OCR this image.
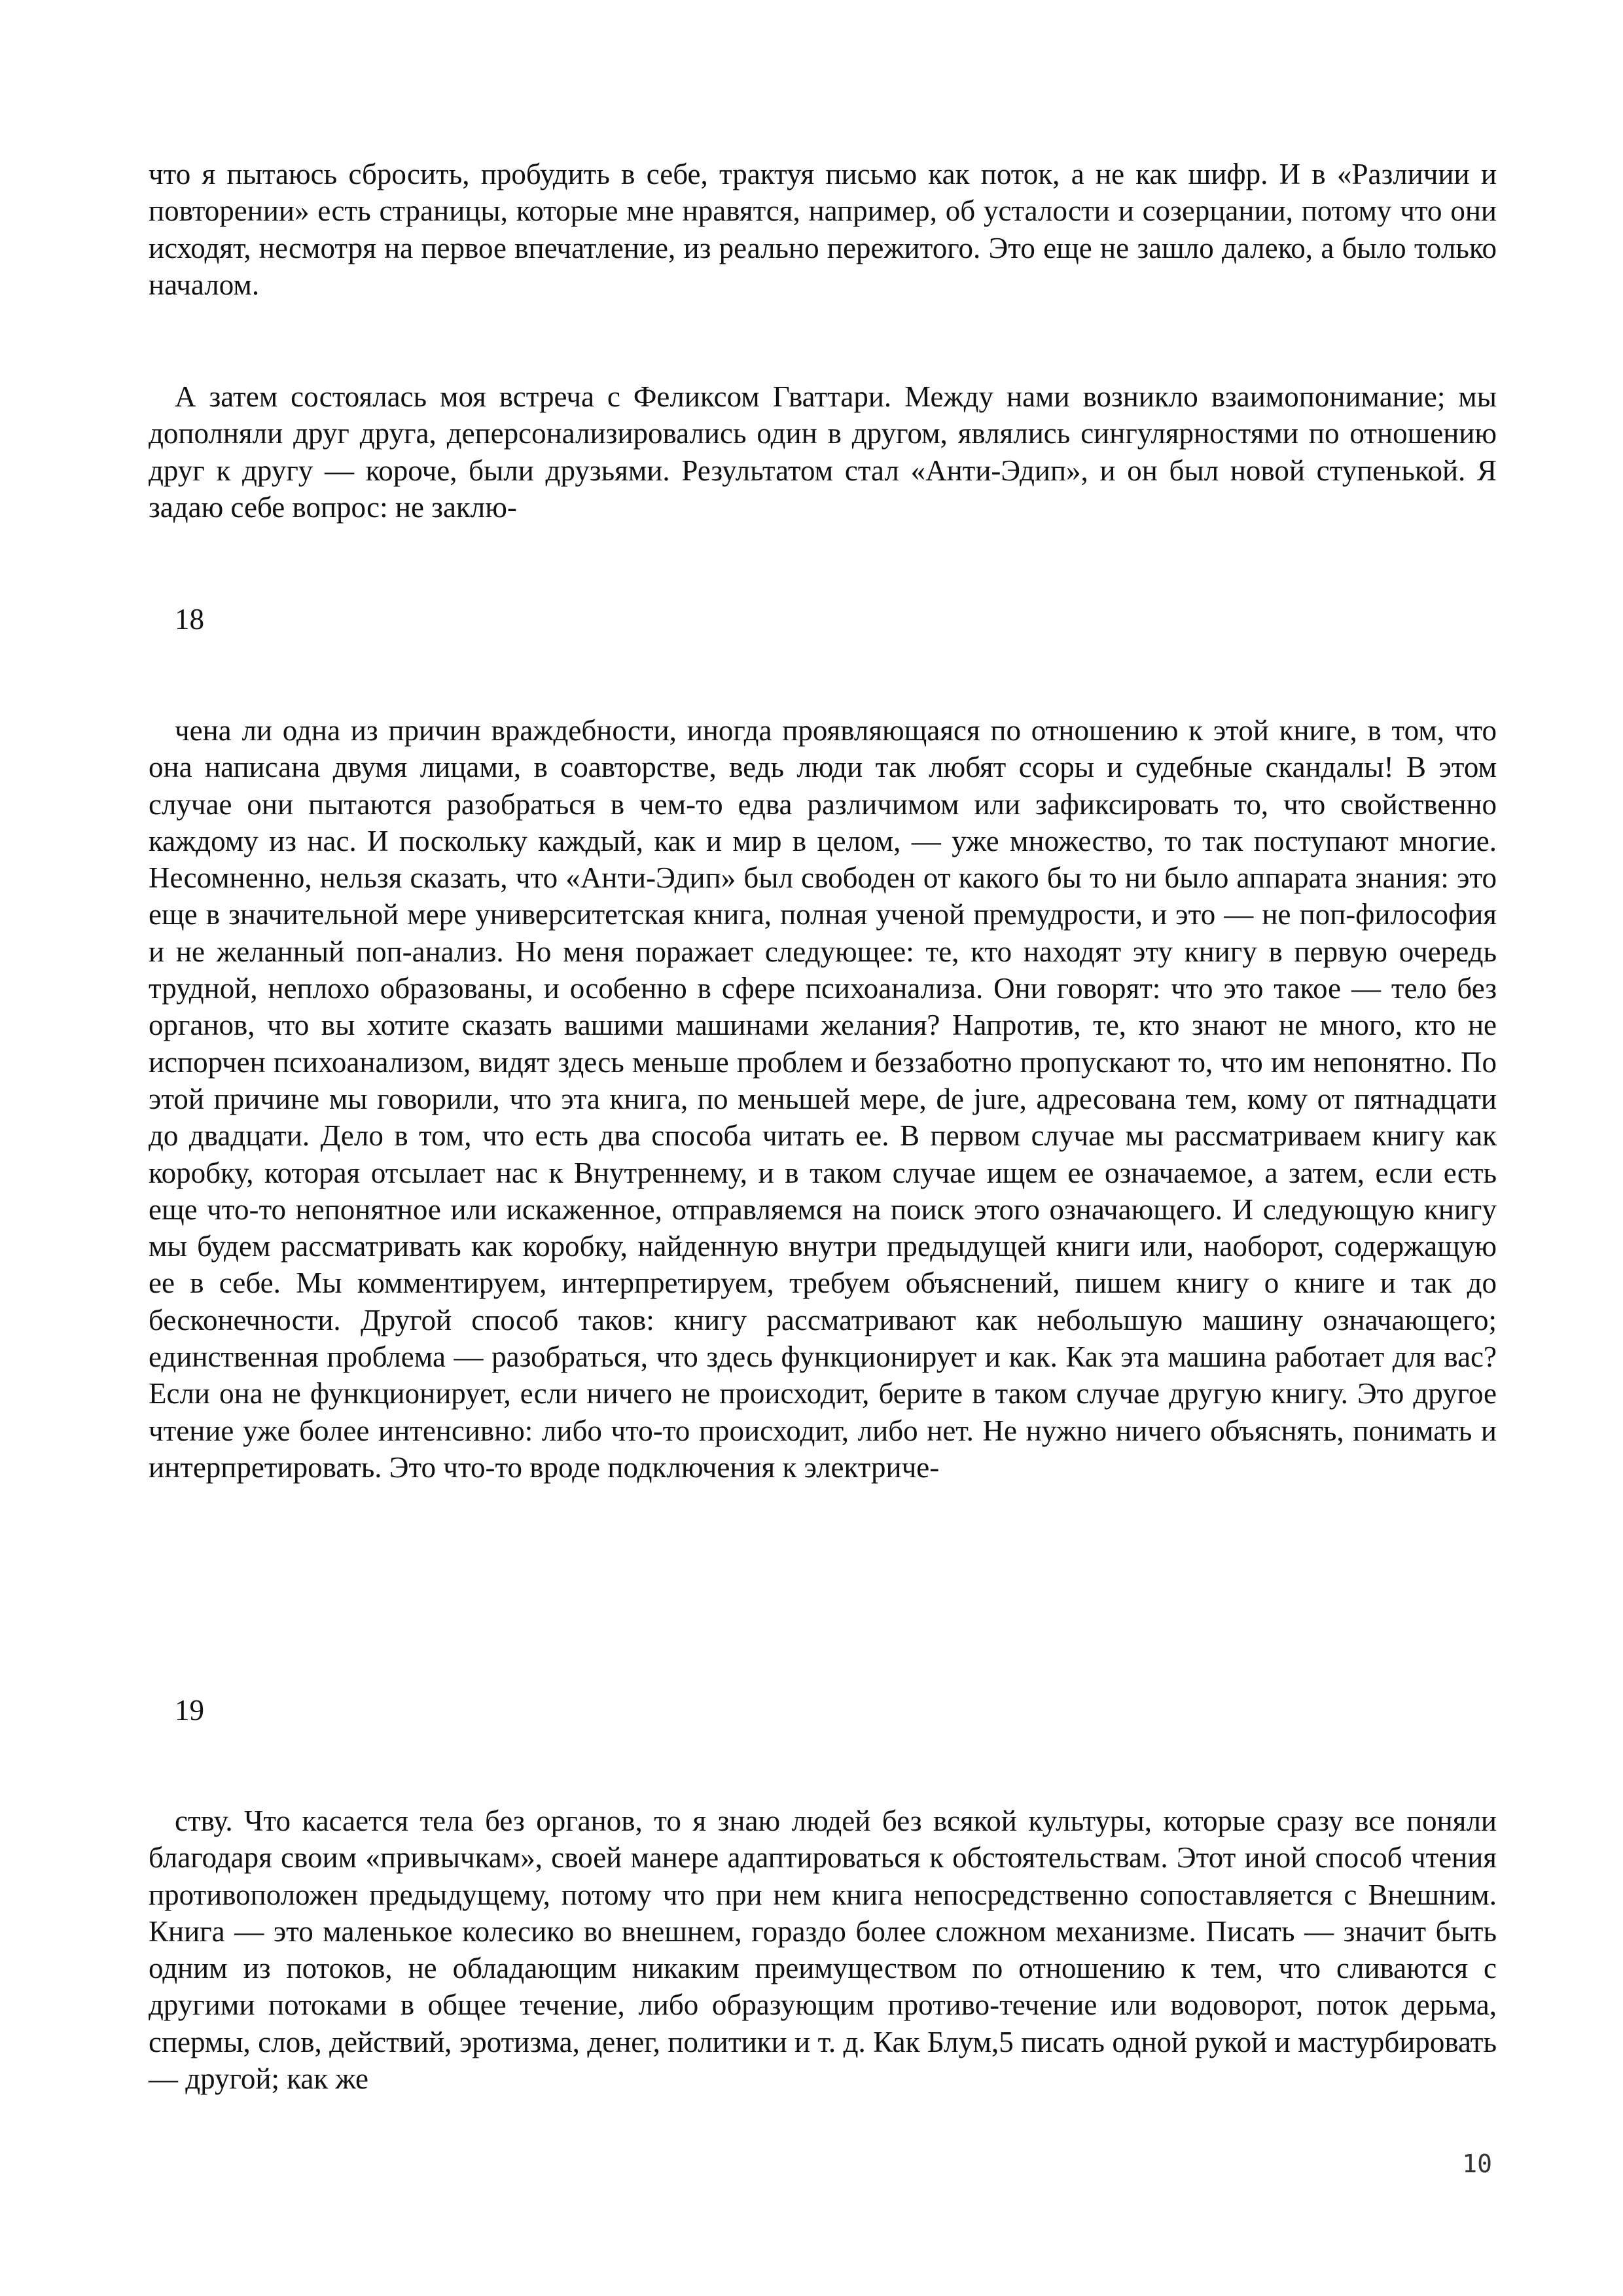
что я пытаюсь сбросить, пробудить в себе, трактуя письмо как поток, а не как шифр. И в «Различии и повторении» есть страницы, которые мне нравятся, например, об усталости и созерцании, потому что они исходят, несмотря на первое впечатление, из реально пережитого. Это еще не зашло далеко, а было только началом.

А затем состоялась моя встреча с Феликсом Гваттари. Между нами возникло взаимопонимание; мы дополняли друг друга, деперсонализировались один в другом, являлись сингулярностями по отношению друг к другу — короче, были друзьями. Результатом стал «Анти-Эдип», и он был новой ступенькой. Я задаю себе вопрос: не заклю-

18

чена ли одна из причин враждебности, иногда проявляющаяся по отношению к этой книге, в том, что она написана двумя лицами, в соавторстве, ведь люди так любят ссоры и судебные скандалы! В этом случае они пытаются разобраться в чем-то едва различимом или зафиксировать то, что свойственно каждому из нас. И поскольку каждый, как и мир в целом, — уже множество, то так поступают многие. Несомненно, нельзя сказать, что «Анти-Эдип» был свободен от какого бы то ни было аппарата знания: это еще в значительной мере университетская книга, полная ученой премудрости, и это — не поп-философия и не желанный поп-анализ. Но меня поражает следующее: те, кто находят эту книгу в первую очередь трудной, неплохо образованы, и особенно в сфере психоанализа. Они говорят: что это такое — тело без органов, что вы хотите сказать вашими машинами желания? Напротив, те, кто знают не много, кто не испорчен психоанализом, видят здесь меньше проблем и беззаботно пропускают то, что им непонятно. По этой причине мы говорили, что эта книга, по меньшей мере, de jure, адресована тем, кому от пятнадцати до двадцати. Дело в том, что есть два способа читать ее. В первом случае мы рассматриваем книгу как коробку, которая отсылает нас к Внутреннему, и в таком случае ищем ее означаемое, а затем, если есть еще что-то непонятное или искаженное, отправляемся на поиск этого означающего. И следующую книгу мы будем рассматривать как коробку, найденную внутри предыдущей книги или, наоборот, содержащую ее в себе. Мы комментируем, интерпретируем, требуем объяснений, пишем книгу о книге и так до бесконечности. Другой способ таков: книгу рассматривают как небольшую машину означающего; единственная проблема — разобраться, что здесь функционирует и как. Как эта машина работает для вас? Если она не функционирует, если ничего не происходит, берите в таком случае другую книгу. Это другое чтение уже более интенсивно: либо что-то происходит, либо нет. Не нужно ничего объяснять, понимать и интерпретировать. Это что-то вроде подключения к электриче-

19

ству. Что касается тела без органов, то я знаю людей без всякой культуры, которые сразу все поняли благодаря своим «привычкам», своей манере адаптироваться к обстоятельствам. Этот иной способ чтения противоположен предыдущему, потому что при нем книга непосредственно сопоставляется с Внешним. Книга — это маленькое колесико во внешнем, гораздо более сложном механизме. Писать — значит быть одним из потоков, не обладающим никаким преимуществом по отношению к тем, что сливаются с другими потоками в общее течение, либо образующим противо-течение или водоворот, поток дерьма, спермы, слов, действий, эротизма, денег, политики и т. д. Как Блум,5 писать одной рукой и мастурбировать — другой; как же

10
